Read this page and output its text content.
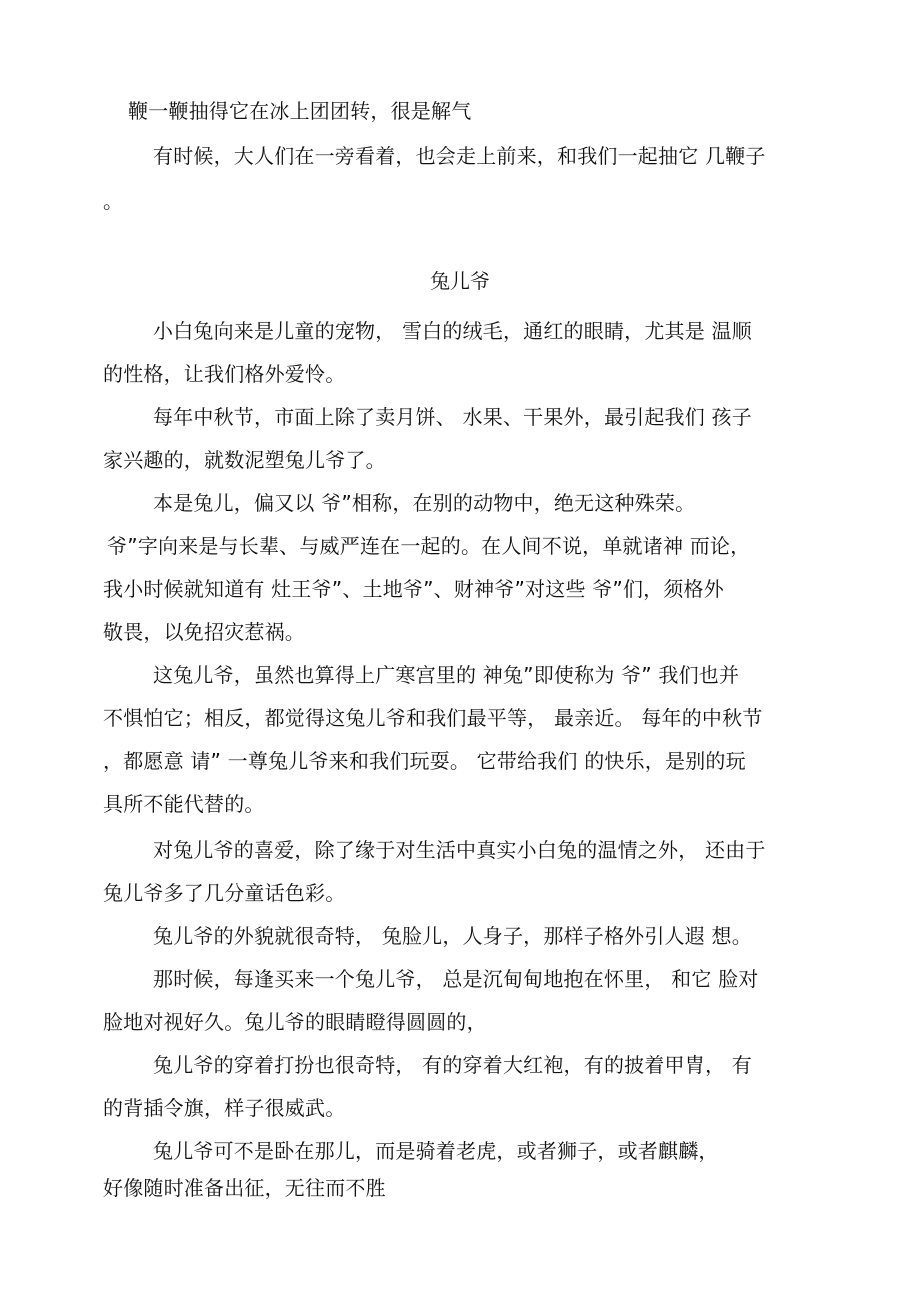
鞭一鞭抽得它在冰上团团转，很是解气

有时候，大人们在一旁看着，也会走上前来，和我们一起抽它 几鞭子

。

兔儿爷

小白兔向来是儿童的宠物， 雪白的绒毛，通红的眼睛，尤其是 温顺

的性格，让我们格外爱怜。

每年中秋节，市面上除了卖月饼、 水果、干果外，最引起我们 孩子

家兴趣的，就数泥塑兔儿爷了。

本是兔儿，偏又以 爷”相称，在别的动物中，绝无这种殊荣。

爷”字向来是与长辈、与威严连在一起的。在人间不说，单就诸神 而论，

我小时候就知道有 灶王爷”、土地爷”、财神爷”对这些 爷”们，须格外

敬畏，以免招灾惹祸。

这兔儿爷，虽然也算得上广寒宫里的 神兔”即使称为 爷” 我们也并

不惧怕它；相反，都觉得这兔儿爷和我们最平等， 最亲近。 每年的中秋节

，都愿意 请” 一尊兔儿爷来和我们玩耍。 它带给我们 的快乐，是别的玩

具所不能代替的。

对兔儿爷的喜爱，除了缘于对生活中真实小白兔的温情之外， 还由于

兔儿爷多了几分童话色彩。

兔儿爷的外貌就很奇特， 兔脸儿，人身子，那样子格外引人遐 想。

那时候，每逢买来一个兔儿爷， 总是沉甸甸地抱在怀里， 和它 脸对

脸地对视好久。兔儿爷的眼睛瞪得圆圆的，

兔儿爷的穿着打扮也很奇特， 有的穿着大红袍，有的披着甲胄， 有

的背插令旗，样子很威武。

兔儿爷可不是卧在那儿，而是骑着老虎，或者狮子，或者麒麟，

好像随时准备出征，无往而不胜
